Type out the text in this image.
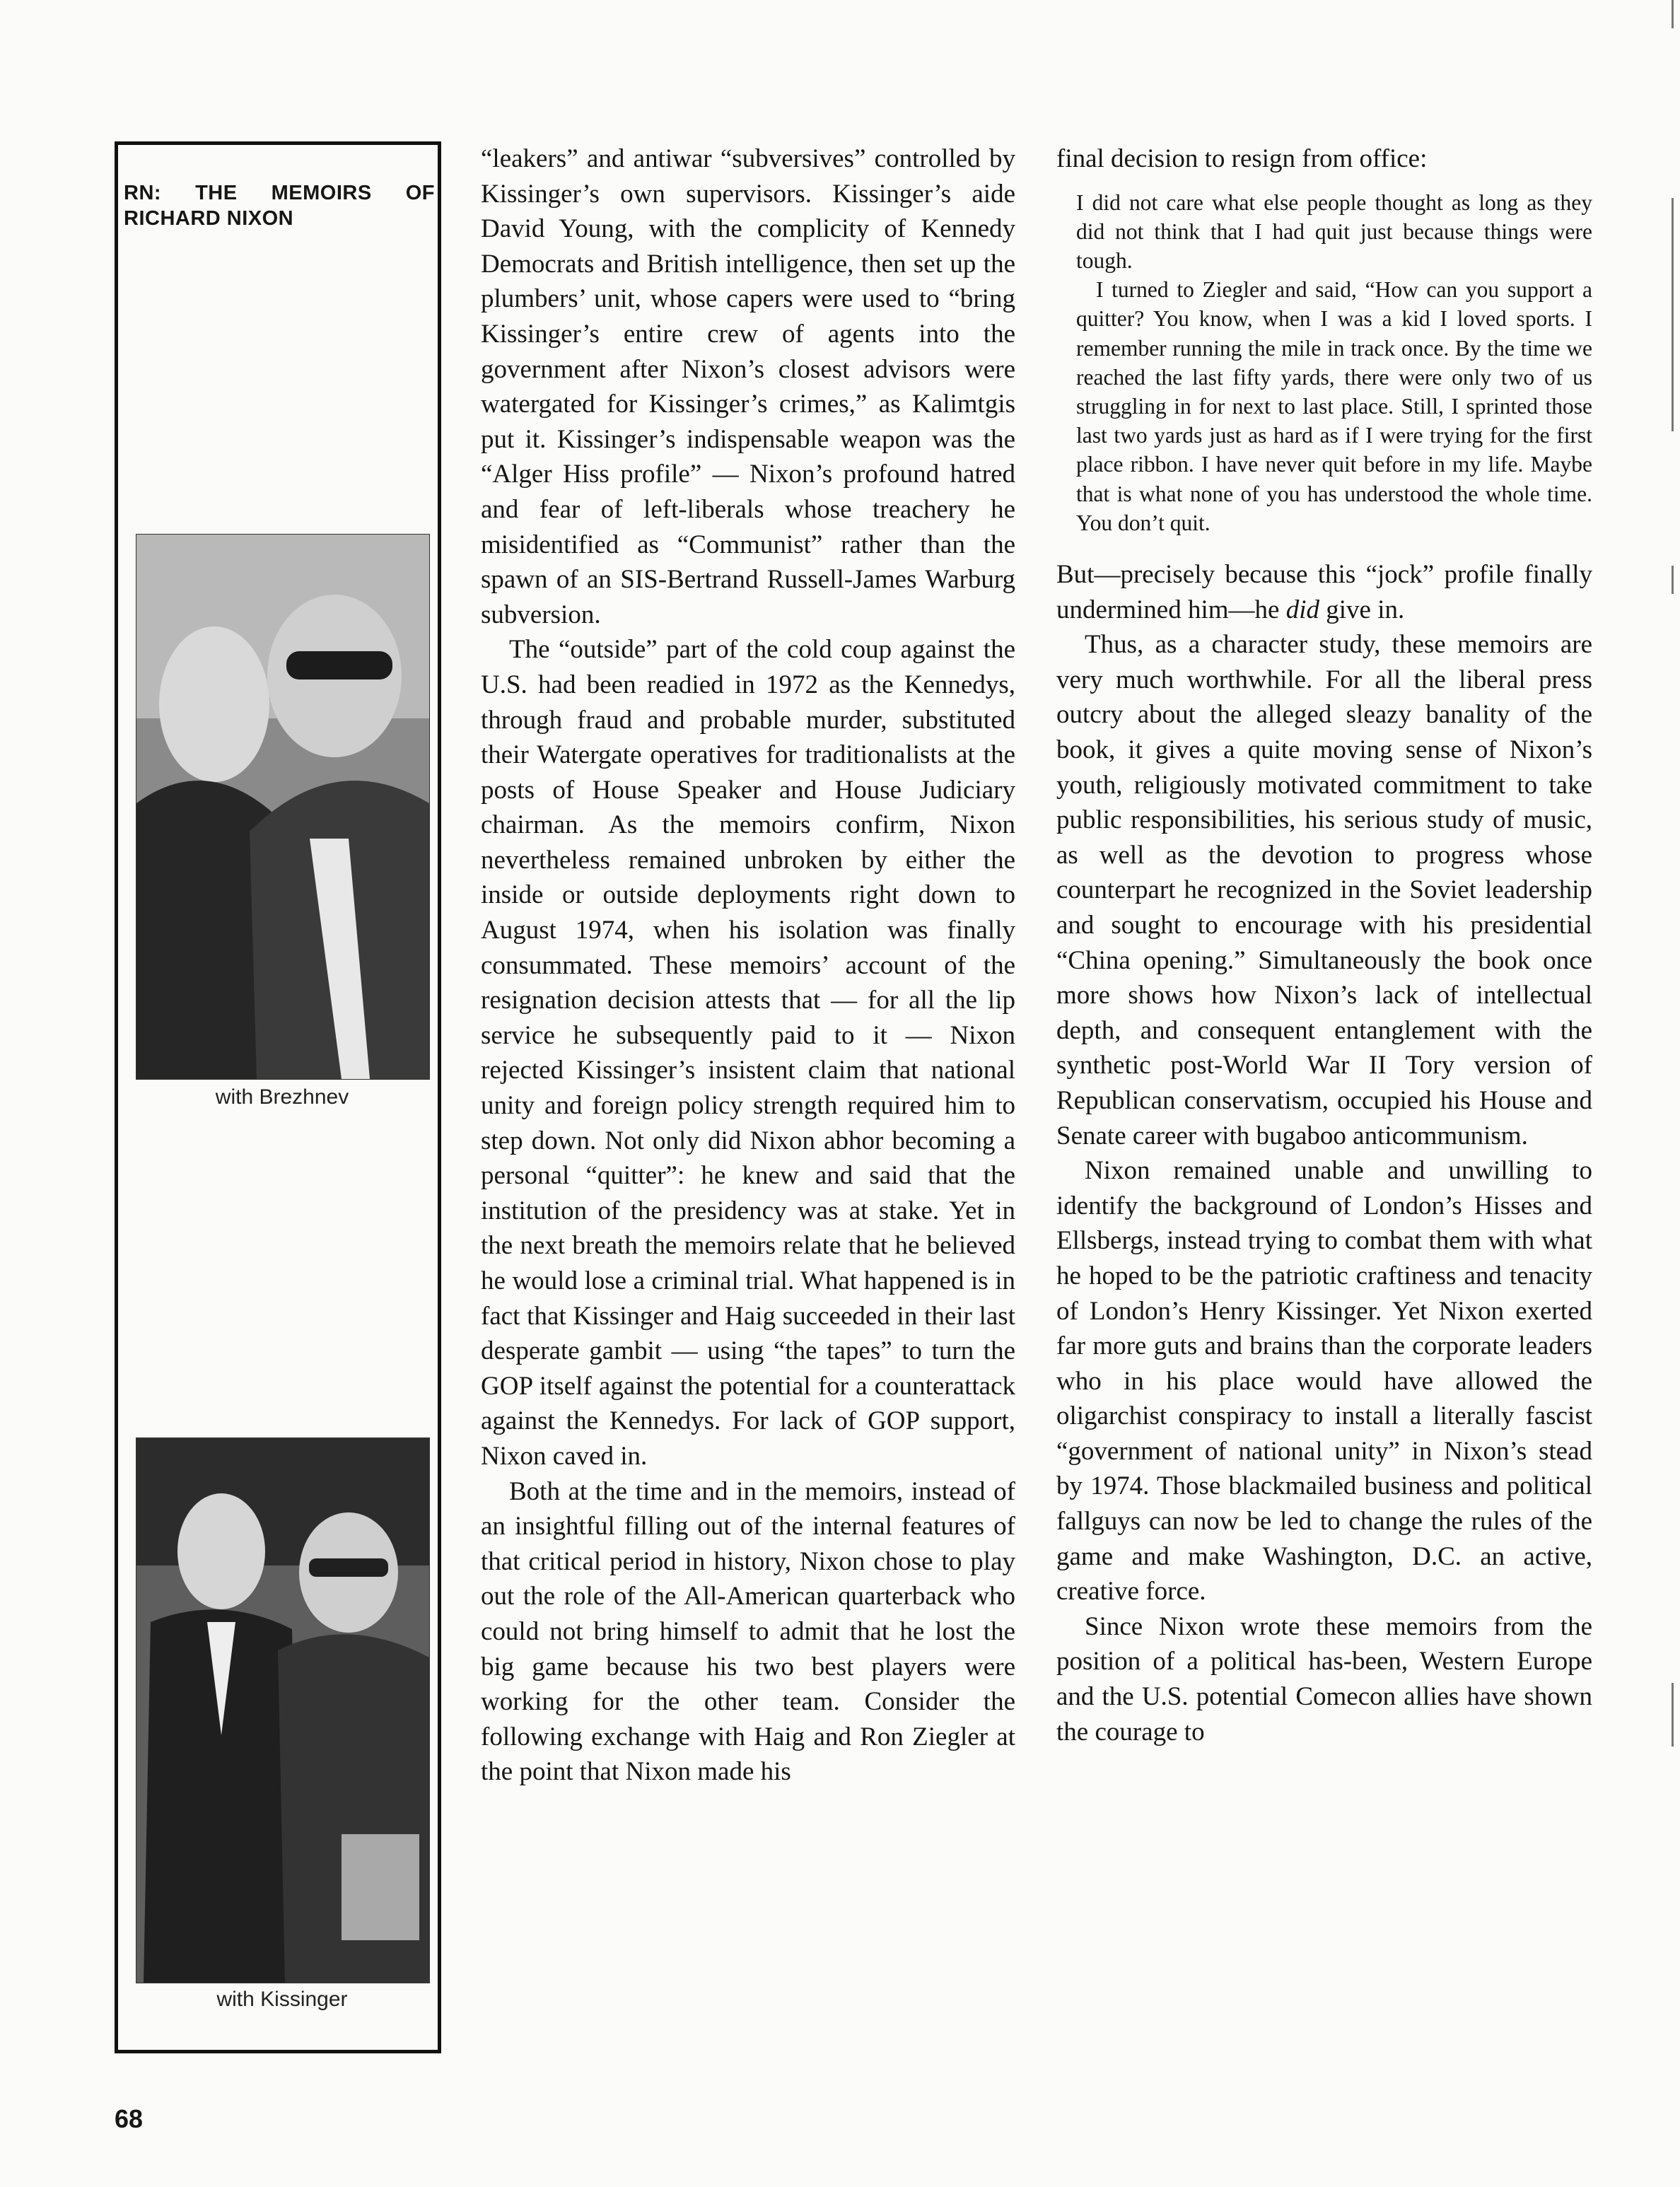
RN: THE MEMOIRS OF RICHARD NIXON
with Brezhnev
with Kissinger

“leakers” and antiwar “subversives” controlled by Kissinger’s own supervisors. Kissinger’s aide David Young, with the complicity of Kennedy Democrats and British intelligence, then set up the plumbers’ unit, whose capers were used to “bring Kissinger’s entire crew of agents into the government after Nixon’s closest advisors were watergated for Kissinger’s crimes,” as Kalimtgis put it. Kissinger’s indispensable weapon was the “Alger Hiss profile” — Nixon’s profound hatred and fear of left-liberals whose treachery he misidentified as “Communist” rather than the spawn of an SIS-Bertrand Russell-James Warburg subversion.

The “outside” part of the cold coup against the U.S. had been readied in 1972 as the Kennedys, through fraud and probable murder, substituted their Watergate operatives for traditionalists at the posts of House Speaker and House Judiciary chairman. As the memoirs confirm, Nixon nevertheless remained unbroken by either the inside or outside deployments right down to August 1974, when his isolation was finally consummated. These memoirs’ account of the resignation decision attests that — for all the lip service he subsequently paid to it — Nixon rejected Kissinger’s insistent claim that national unity and foreign policy strength required him to step down. Not only did Nixon abhor becoming a personal “quitter”: he knew and said that the institution of the presidency was at stake. Yet in the next breath the memoirs relate that he believed he would lose a criminal trial. What happened is in fact that Kissinger and Haig succeeded in their last desperate gambit — using “the tapes” to turn the GOP itself against the potential for a counterattack against the Kennedys. For lack of GOP support, Nixon caved in.

Both at the time and in the memoirs, instead of an insightful filling out of the internal features of that critical period in history, Nixon chose to play out the role of the All-American quarterback who could not bring himself to admit that he lost the big game because his two best players were working for the other team. Consider the following exchange with Haig and Ron Ziegler at the point that Nixon made his

final decision to resign from office:

I did not care what else people thought as long as they did not think that I had quit just because things were tough.

I turned to Ziegler and said, “How can you support a quitter? You know, when I was a kid I loved sports. I remember running the mile in track once. By the time we reached the last fifty yards, there were only two of us struggling in for next to last place. Still, I sprinted those last two yards just as hard as if I were trying for the first place ribbon. I have never quit before in my life. Maybe that is what none of you has understood the whole time. You don’t quit.

But—precisely because this “jock” profile finally undermined him—he did give in.

Thus, as a character study, these memoirs are very much worthwhile. For all the liberal press outcry about the alleged sleazy banality of the book, it gives a quite moving sense of Nixon’s youth, religiously motivated commitment to take public responsibilities, his serious study of music, as well as the devotion to progress whose counterpart he recognized in the Soviet leadership and sought to encourage with his presidential “China opening.” Simultaneously the book once more shows how Nixon’s lack of intellectual depth, and consequent entanglement with the synthetic post-World War II Tory version of Republican conservatism, occupied his House and Senate career with bugaboo anticommunism.

Nixon remained unable and unwilling to identify the background of London’s Hisses and Ellsbergs, instead trying to combat them with what he hoped to be the patriotic craftiness and tenacity of London’s Henry Kissinger. Yet Nixon exerted far more guts and brains than the corporate leaders who in his place would have allowed the oligarchist conspiracy to install a literally fascist “government of national unity” in Nixon’s stead by 1974. Those blackmailed business and political fallguys can now be led to change the rules of the game and make Washington, D.C. an active, creative force.

Since Nixon wrote these memoirs from the position of a political has-been, Western Europe and the U.S. potential Comecon allies have shown the courage to

68
